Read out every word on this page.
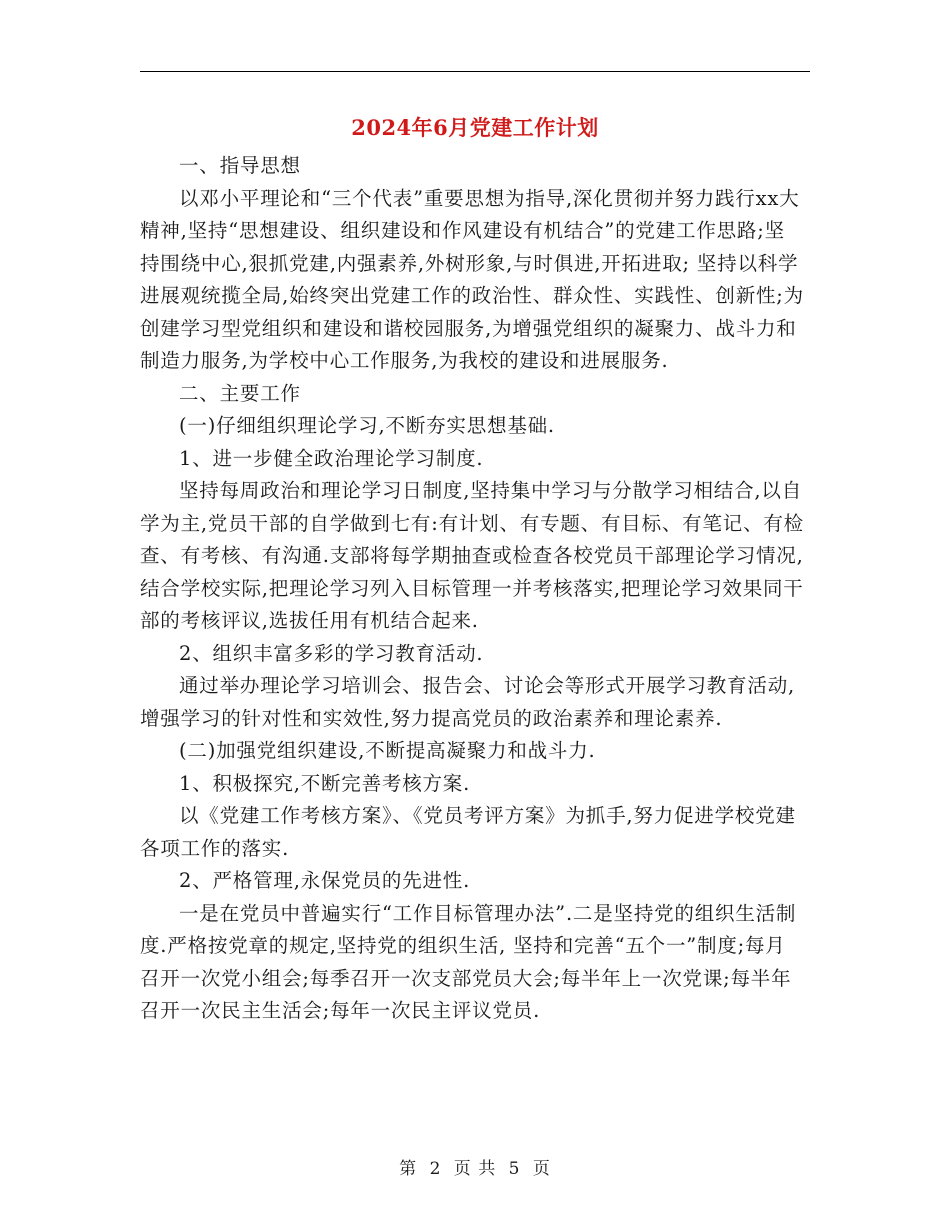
2024年6月党建工作计划

一、指导思想

以邓小平理论和“三个代表”重要思想为指导,深化贯彻并努力践行xx大精神,坚持“思想建设、组织建设和作风建设有机结合”的党建工作思路;坚持围绕中心,狠抓党建,内强素养,外树形象,与时俱进,开拓进取; 坚持以科学进展观统揽全局,始终突出党建工作的政治性、群众性、实践性、创新性;为创建学习型党组织和建设和谐校园服务,为增强党组织的凝聚力、战斗力和制造力服务,为学校中心工作服务,为我校的建设和进展服务.

二、主要工作

(一)仔细组织理论学习,不断夯实思想基础.

1、进一步健全政治理论学习制度.

坚持每周政治和理论学习日制度,坚持集中学习与分散学习相结合,以自学为主,党员干部的自学做到七有:有计划、有专题、有目标、有笔记、有检查、有考核、有沟通.支部将每学期抽查或检查各校党员干部理论学习情况,结合学校实际,把理论学习列入目标管理一并考核落实,把理论学习效果同干部的考核评议,选拔任用有机结合起来.

2、组织丰富多彩的学习教育活动.

通过举办理论学习培训会、报告会、讨论会等形式开展学习教育活动,增强学习的针对性和实效性,努力提高党员的政治素养和理论素养.

(二)加强党组织建设,不断提高凝聚力和战斗力.

1、积极探究,不断完善考核方案.

以《党建工作考核方案》、《党员考评方案》为抓手,努力促进学校党建各项工作的落实.

2、严格管理,永保党员的先进性.

一是在党员中普遍实行“工作目标管理办法”.二是坚持党的组织生活制度.严格按党章的规定,坚持党的组织生活, 坚持和完善“五个一”制度;每月召开一次党小组会;每季召开一次支部党员大会;每半年上一次党课;每半年召开一次民主生活会;每年一次民主评议党员.

第 2 页 共 5 页
